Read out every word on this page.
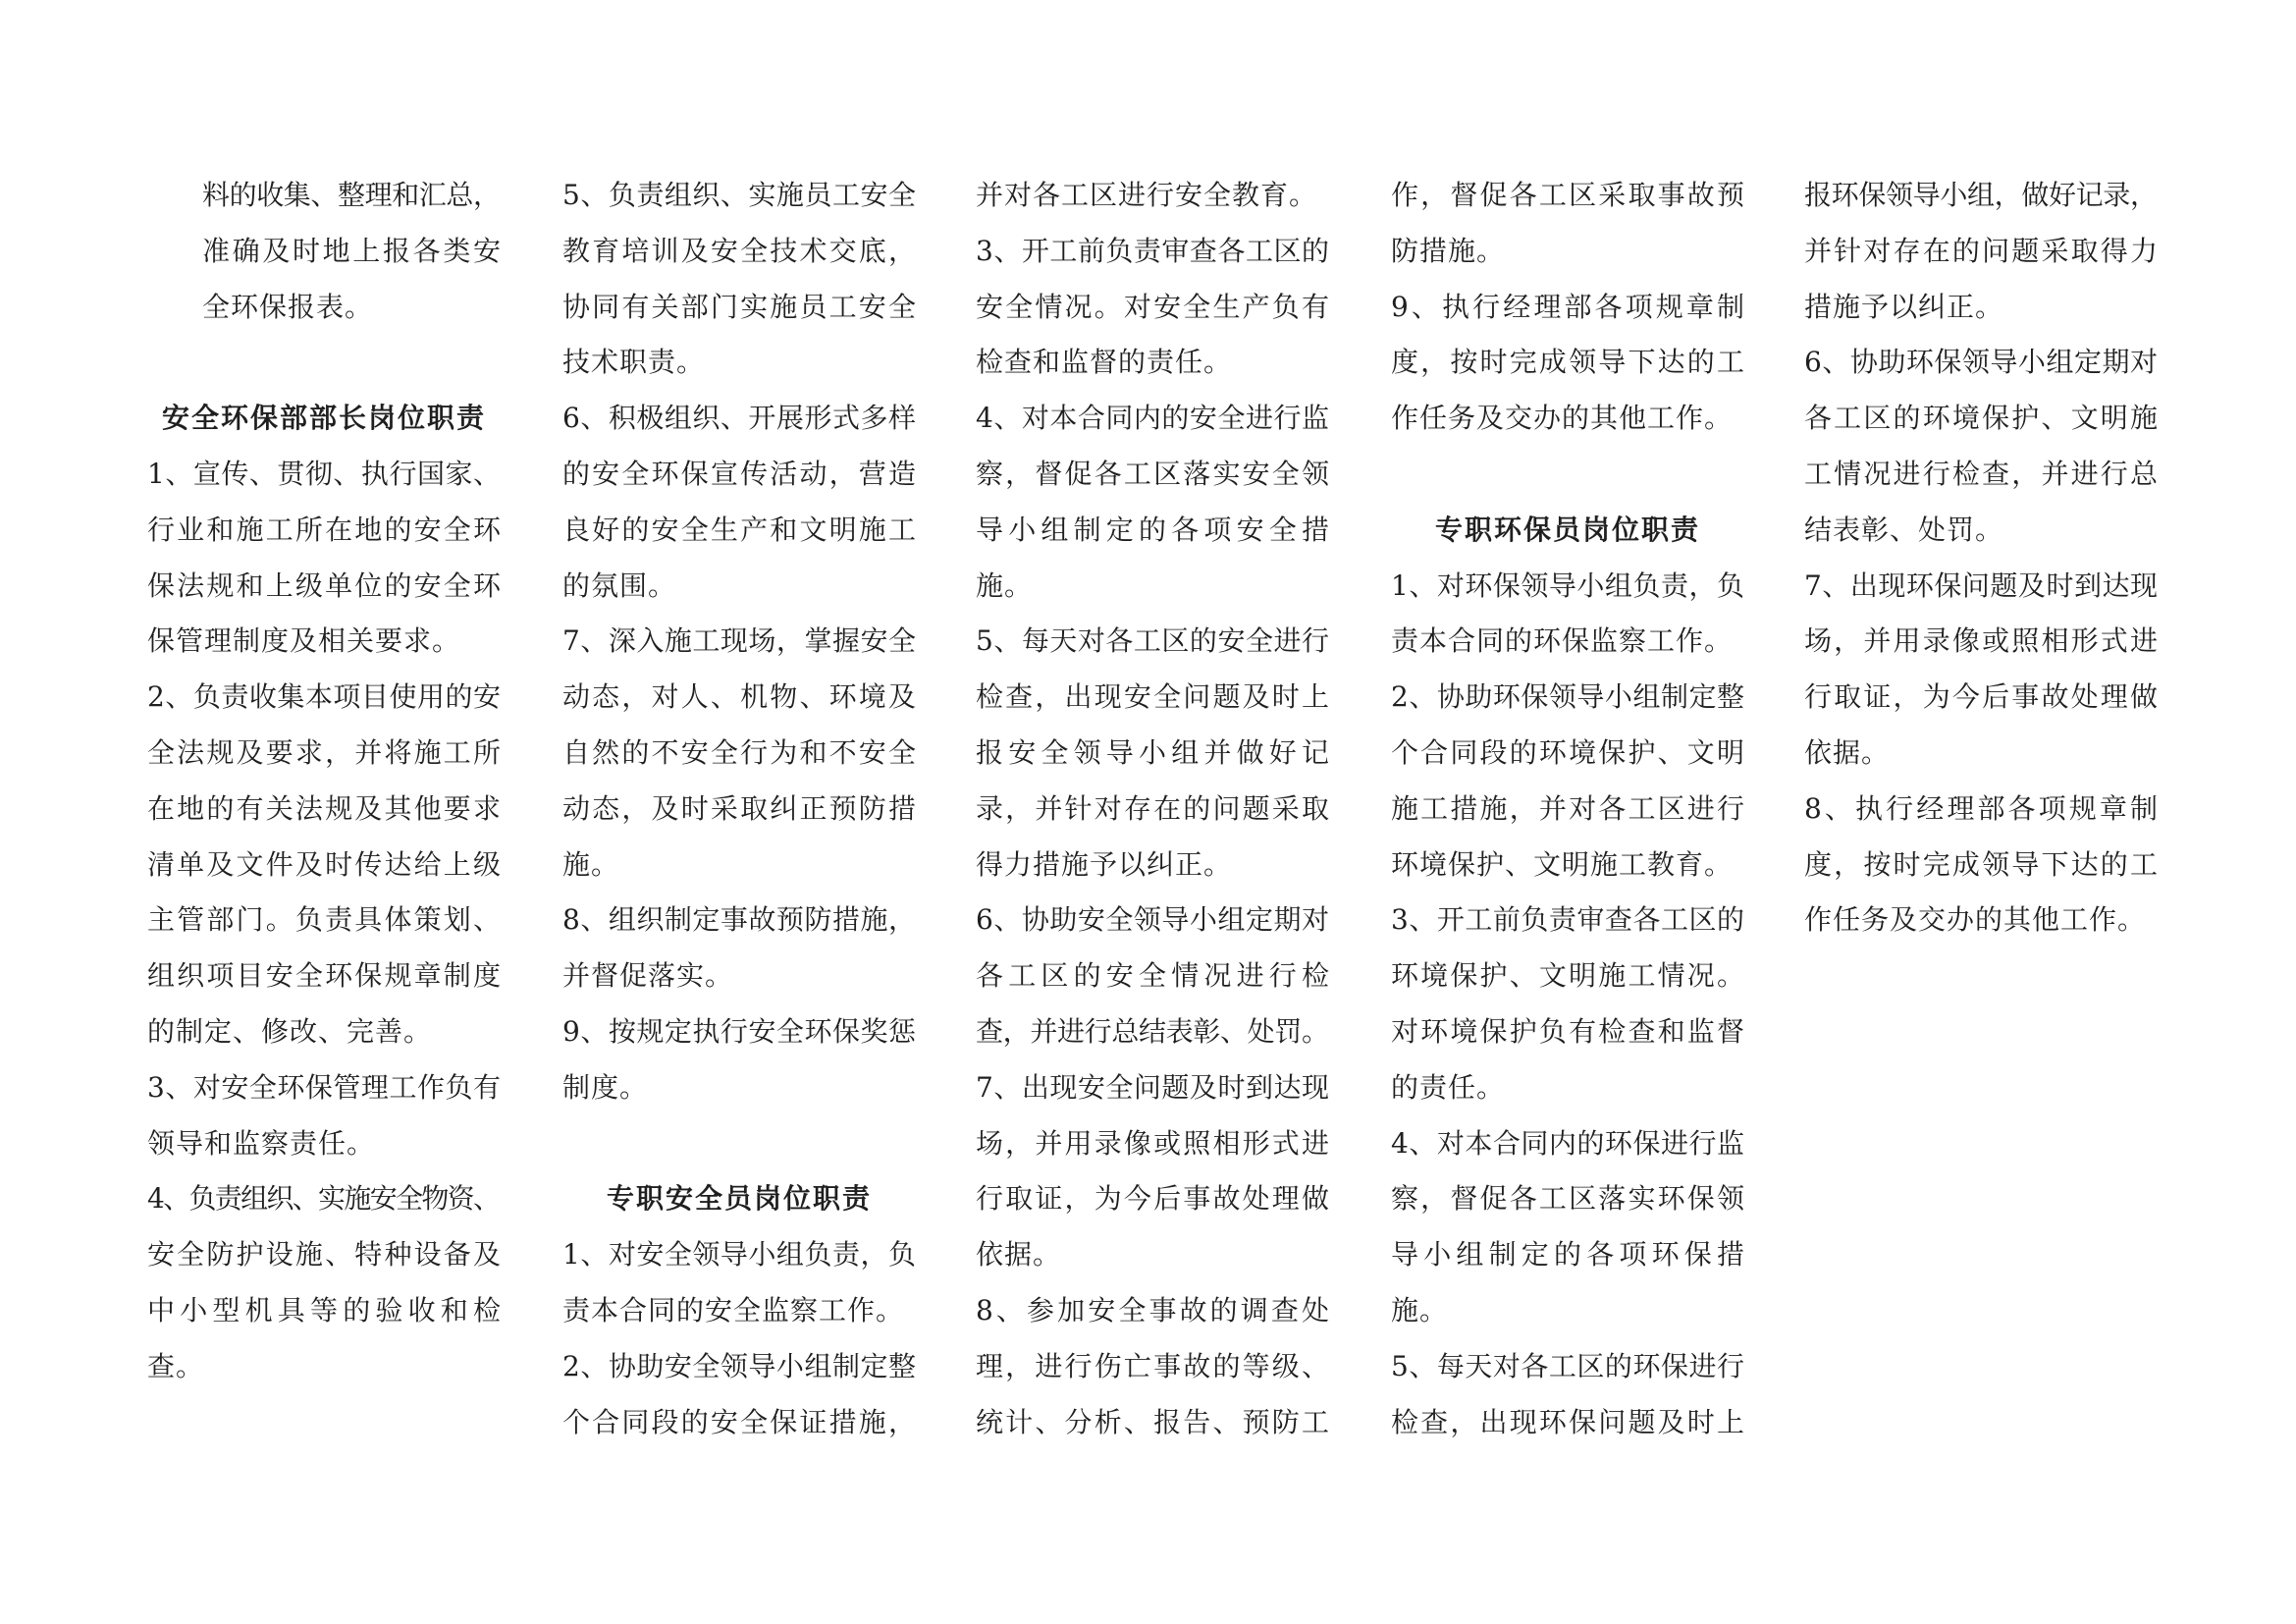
料的收集、整理和汇总，
准确及时地上报各类安
全环保报表。
安全环保部部长岗位职责
1、宣传、贯彻、执行国家、
行业和施工所在地的安全环
保法规和上级单位的安全环
保管理制度及相关要求。
2、负责收集本项目使用的安
全法规及要求，并将施工所
在地的有关法规及其他要求
清单及文件及时传达给上级
主管部门。负责具体策划、
组织项目安全环保规章制度
的制定、修改、完善。
3、对安全环保管理工作负有
领导和监察责任。
4、负责组织、实施安全物资、
安全防护设施、特种设备及
中小型机具等的验收和检
查。
5、负责组织、实施员工安全
教育培训及安全技术交底，
协同有关部门实施员工安全
技术职责。
6、积极组织、开展形式多样
的安全环保宣传活动，营造
良好的安全生产和文明施工
的氛围。
7、深入施工现场，掌握安全
动态，对人、机物、环境及
自然的不安全行为和不安全
动态，及时采取纠正预防措
施。
8、组织制定事故预防措施，
并督促落实。
9、按规定执行安全环保奖惩
制度。
专职安全员岗位职责
1、对安全领导小组负责，负
责本合同的安全监察工作。
2、协助安全领导小组制定整
个合同段的安全保证措施，
并对各工区进行安全教育。
3、开工前负责审查各工区的
安全情况。对安全生产负有
检查和监督的责任。
4、对本合同内的安全进行监
察，督促各工区落实安全领
导小组制定的各项安全措
施。
5、每天对各工区的安全进行
检查，出现安全问题及时上
报安全领导小组并做好记
录，并针对存在的问题采取
得力措施予以纠正。
6、协助安全领导小组定期对
各工区的安全情况进行检
查，并进行总结表彰、处罚。
7、出现安全问题及时到达现
场，并用录像或照相形式进
行取证，为今后事故处理做
依据。
8、参加安全事故的调查处
理，进行伤亡事故的等级、
统计、分析、报告、预防工
作，督促各工区采取事故预
防措施。
9、执行经理部各项规章制
度，按时完成领导下达的工
作任务及交办的其他工作。
专职环保员岗位职责
1、对环保领导小组负责，负
责本合同的环保监察工作。
2、协助环保领导小组制定整
个合同段的环境保护、文明
施工措施，并对各工区进行
环境保护、文明施工教育。
3、开工前负责审查各工区的
环境保护、文明施工情况。
对环境保护负有检查和监督
的责任。
4、对本合同内的环保进行监
察，督促各工区落实环保领
导小组制定的各项环保措
施。
5、每天对各工区的环保进行
检查，出现环保问题及时上
报环保领导小组，做好记录，
并针对存在的问题采取得力
措施予以纠正。
6、协助环保领导小组定期对
各工区的环境保护、文明施
工情况进行检查，并进行总
结表彰、处罚。
7、出现环保问题及时到达现
场，并用录像或照相形式进
行取证，为今后事故处理做
依据。
8、执行经理部各项规章制
度，按时完成领导下达的工
作任务及交办的其他工作。
